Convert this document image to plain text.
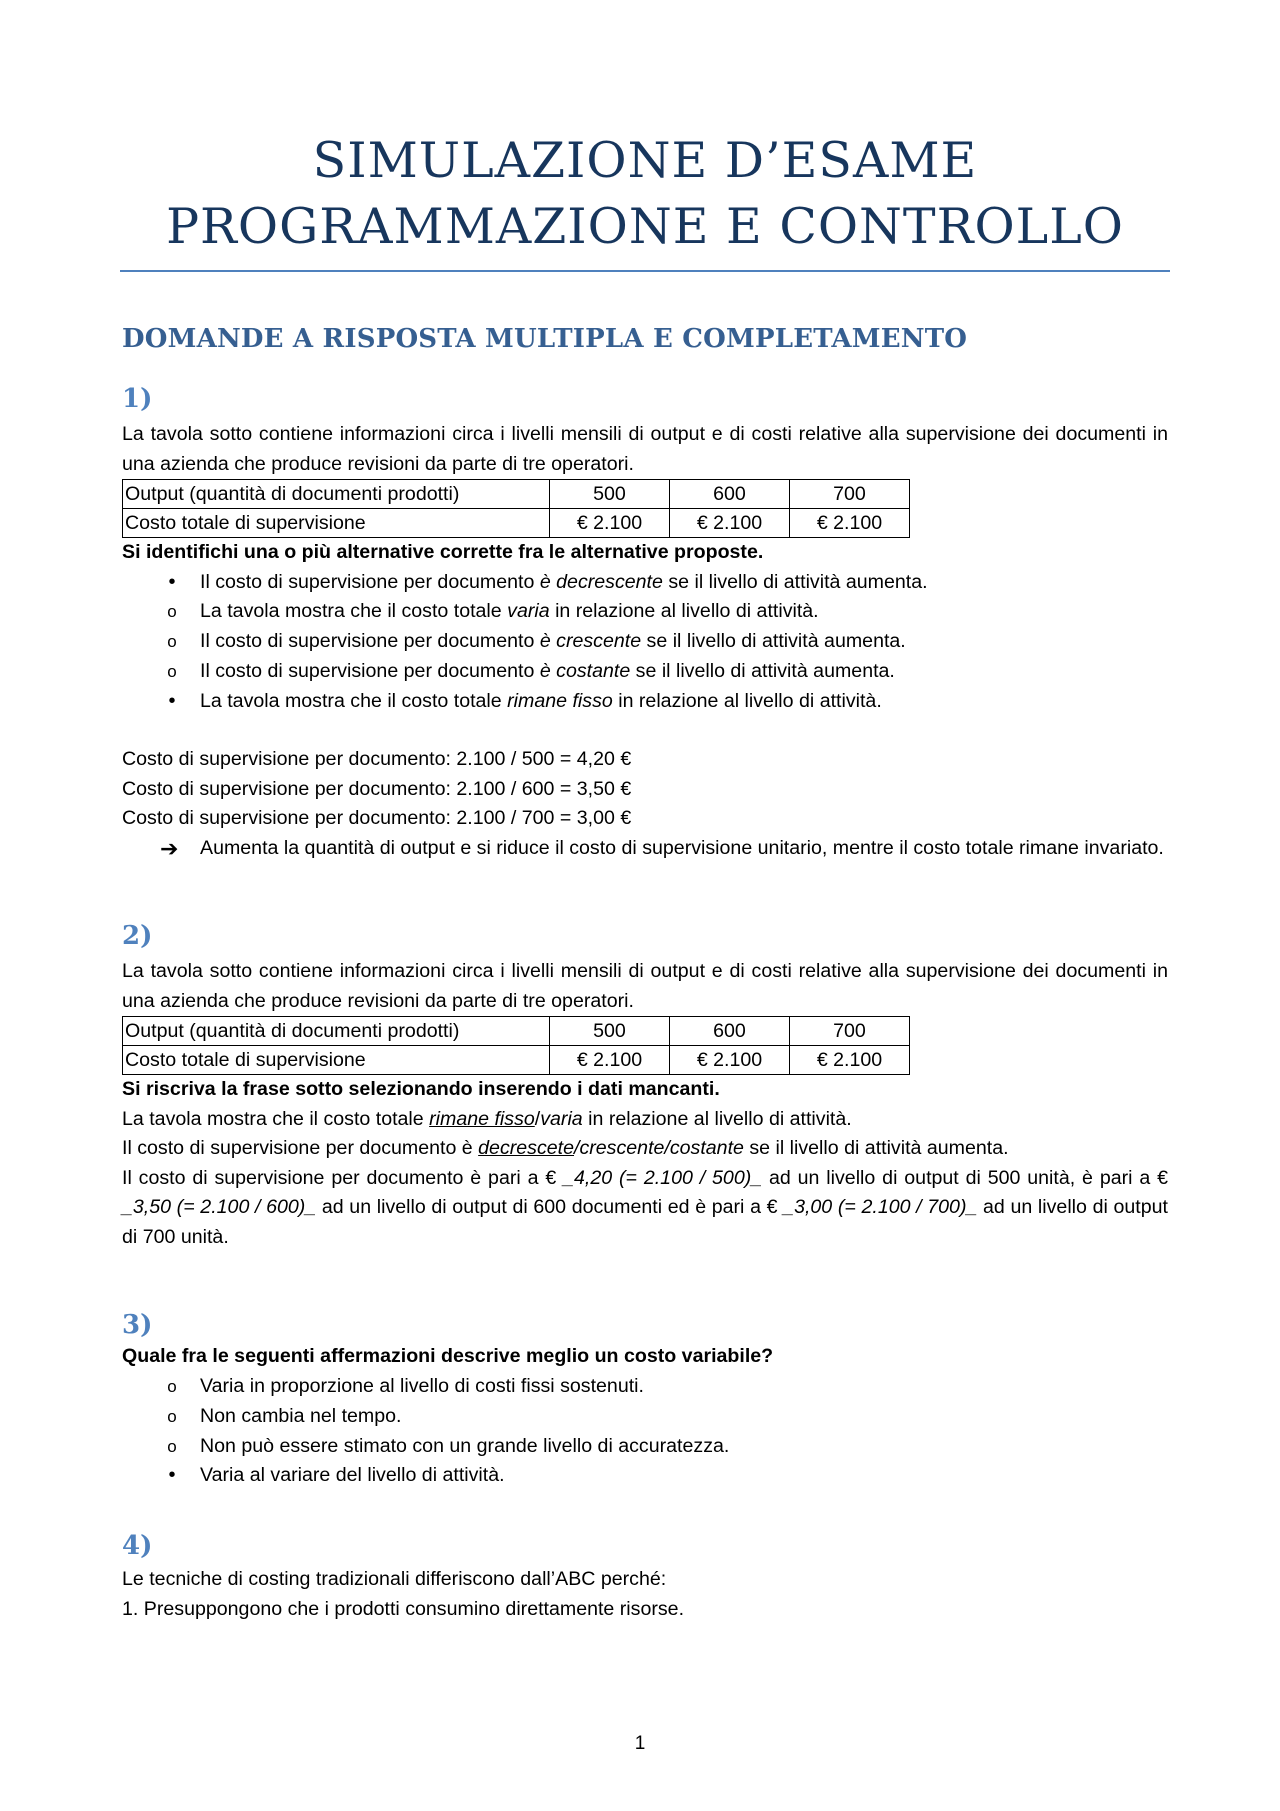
SIMULAZIONE D’ESAME
PROGRAMMAZIONE E CONTROLLO
DOMANDE A RISPOSTA MULTIPLA E COMPLETAMENTO
1)

La tavola sotto contiene informazioni circa i livelli mensili di output e di costi relative alla supervisione dei documenti in una azienda che produce revisioni da parte di tre operatori.

Output (quantità di documenti prodotti)	500	600	700
Costo totale di supervisione	€ 2.100	€ 2.100	€ 2.100

Si identifichi una o più alternative corrette fra le alternative proposte.

•	Il costo di supervisione per documento è decrescente se il livello di attività aumenta.
o La tavola mostra che il costo totale varia in relazione al livello di attività.
o Il costo di supervisione per documento è crescente se il livello di attività aumenta.
o Il costo di supervisione per documento è costante se il livello di attività aumenta.
•	La tavola mostra che il costo totale rimane fisso in relazione al livello di attività.

Costo di supervisione per documento: 2.100 / 500 = 4,20 €

Costo di supervisione per documento: 2.100 / 600 = 3,50 €

Costo di supervisione per documento: 2.100 / 700 = 3,00 €

➔ Aumenta la quantità di output e si riduce il costo di supervisione unitario, mentre il costo totale rimane invariato.
2)

La tavola sotto contiene informazioni circa i livelli mensili di output e di costi relative alla supervisione dei documenti in una azienda che produce revisioni da parte di tre operatori.

Output (quantità di documenti prodotti)	500	600	700
Costo totale di supervisione	€ 2.100	€ 2.100	€ 2.100

Si riscriva la frase sotto selezionando inserendo i dati mancanti.

La tavola mostra che il costo totale rimane fisso/varia in relazione al livello di attività.

Il costo di supervisione per documento è decrescete/crescente/costante se il livello di attività aumenta.

Il costo di supervisione per documento è pari a € _4,20 (= 2.100 / 500)_ ad un livello di output di 500 unità, è pari a € _3,50 (= 2.100 / 600)_ ad un livello di output di 600 documenti ed è pari a € _3,00 (= 2.100 / 700)_ ad un livello di output di 700 unità.

3)

Quale fra le seguenti affermazioni descrive meglio un costo variabile?

o Varia in proporzione al livello di costi fissi sostenuti.
o Non cambia nel tempo.
o Non può essere stimato con un grande livello di accuratezza.
•	Varia al variare del livello di attività.
4)

Le tecniche di costing tradizionali differiscono dall’ABC perché:

1. Presuppongono che i prodotti consumino direttamente risorse.

1
